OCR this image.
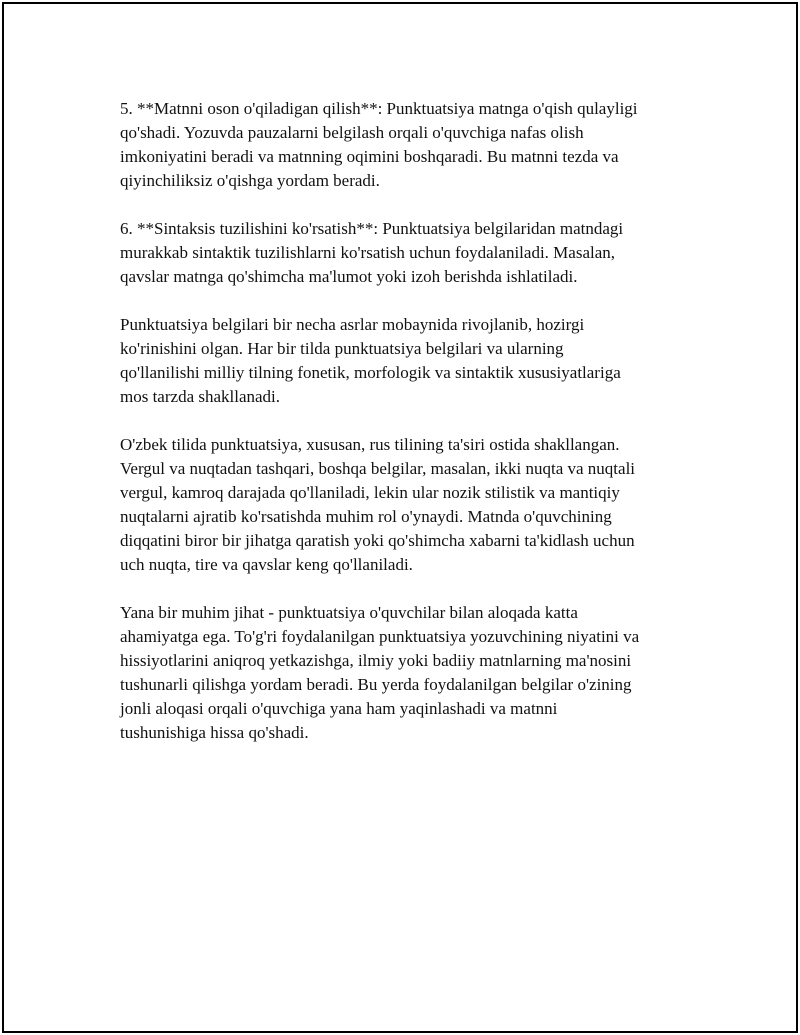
5. **Matnni oson o'qiladigan qilish**: Punktuatsiya matnga o'qish qulayligi
qo'shadi. Yozuvda pauzalarni belgilash orqali o'quvchiga nafas olish
imkoniyatini beradi va matnning oqimini boshqaradi. Bu matnni tezda va
qiyinchiliksiz o'qishga yordam beradi.

6. **Sintaksis tuzilishini ko'rsatish**: Punktuatsiya belgilaridan matndagi
murakkab sintaktik tuzilishlarni ko'rsatish uchun foydalaniladi. Masalan,
qavslar matnga qo'shimcha ma'lumot yoki izoh berishda ishlatiladi.

Punktuatsiya belgilari bir necha asrlar mobaynida rivojlanib, hozirgi
ko'rinishini olgan. Har bir tilda punktuatsiya belgilari va ularning
qo'llanilishi milliy tilning fonetik, morfologik va sintaktik xususiyatlariga
mos tarzda shakllanadi.

O'zbek tilida punktuatsiya, xususan, rus tilining ta'siri ostida shakllangan.
Vergul va nuqtadan tashqari, boshqa belgilar, masalan, ikki nuqta va nuqtali
vergul, kamroq darajada qo'llaniladi, lekin ular nozik stilistik va mantiqiy
nuqtalarni ajratib ko'rsatishda muhim rol o'ynaydi. Matnda o'quvchining
diqqatini biror bir jihatga qaratish yoki qo'shimcha xabarni ta'kidlash uchun
uch nuqta, tire va qavslar keng qo'llaniladi.

Yana bir muhim jihat - punktuatsiya o'quvchilar bilan aloqada katta
ahamiyatga ega. To'g'ri foydalanilgan punktuatsiya yozuvchining niyatini va
hissiyotlarini aniqroq yetkazishga, ilmiy yoki badiiy matnlarning ma'nosini
tushunarli qilishga yordam beradi. Bu yerda foydalanilgan belgilar o'zining
jonli aloqasi orqali o'quvchiga yana ham yaqinlashadi va matnni
tushunishiga hissa qo'shadi.
